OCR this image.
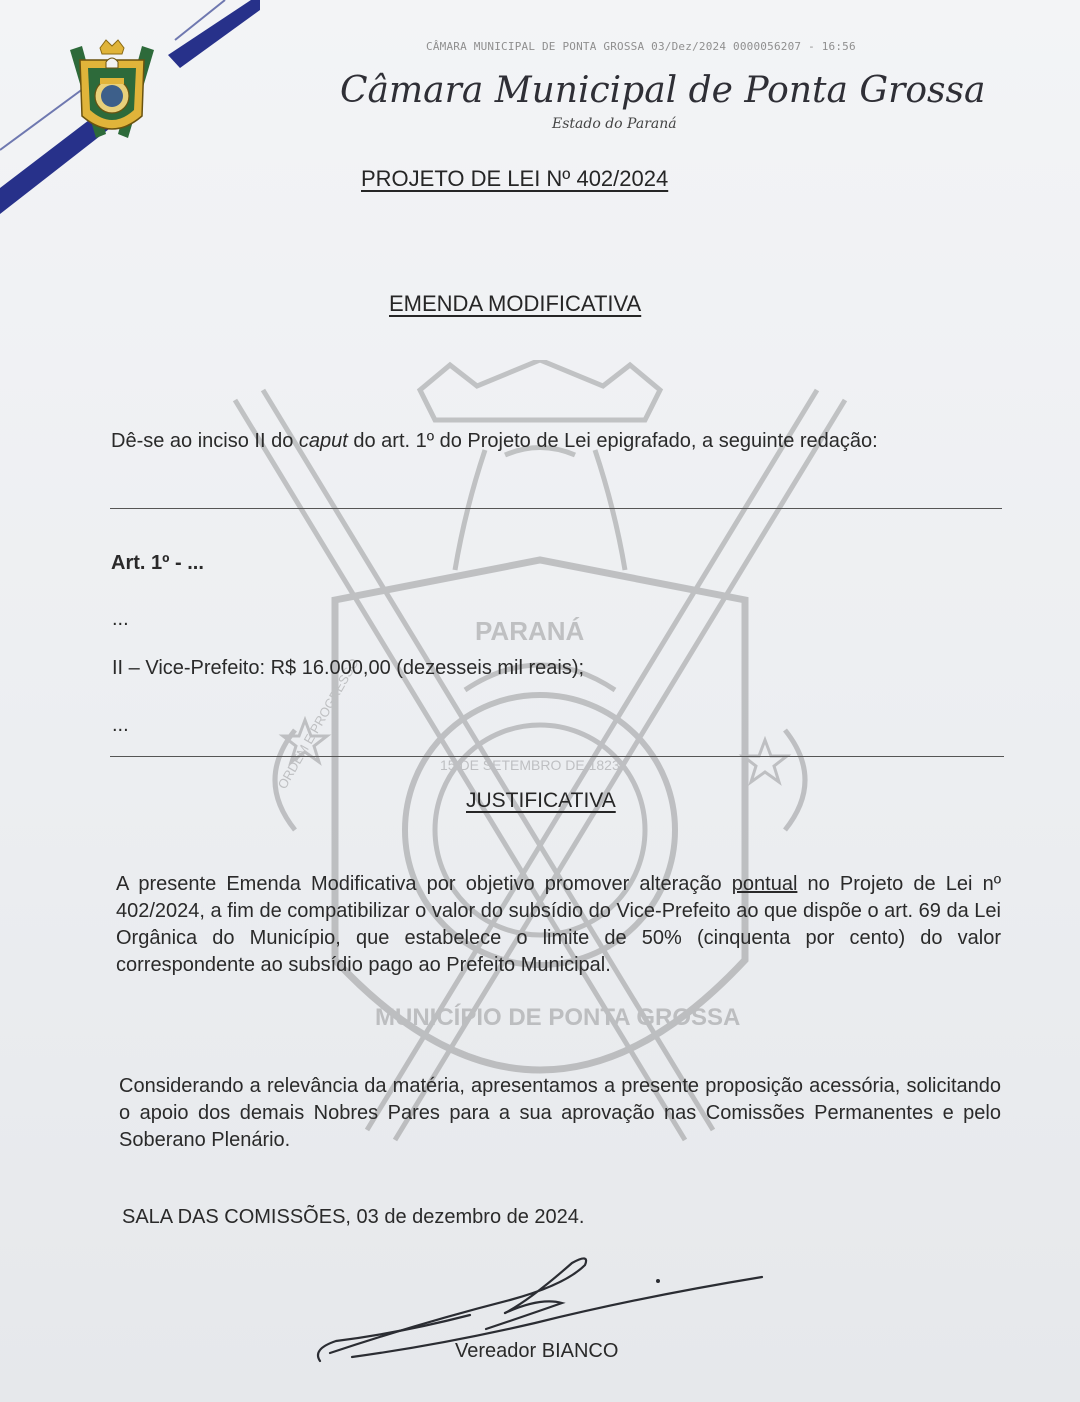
CÂMARA MUNICIPAL DE PONTA GROSSA 03/Dez/2024 0000056207 - 16:56
Câmara Municipal de Ponta Grossa
Estado do Paraná
PROJETO DE LEI Nº 402/2024
EMENDA MODIFICATIVA
PARANÁ
15 DE SETEMBRO DE 1823
ORDEM E PROGRESSO
MUNICÍPIO DE PONTA GROSSA
Dê-se ao inciso II do caput do art. 1º do Projeto de Lei epigrafado, a seguinte redação:
Art. 1º - ...
...
II – Vice-Prefeito: R$ 16.000,00 (dezesseis mil reais);
...
JUSTIFICATIVA
A presente Emenda Modificativa por objetivo promover alteração pontual no Projeto de Lei nº 402/2024, a fim de compatibilizar o valor do subsídio do Vice-Prefeito ao que dispõe o art. 69 da Lei Orgânica do Município, que estabelece o limite de 50% (cinquenta por cento) do valor correspondente ao subsídio pago ao Prefeito Municipal.
Considerando a relevância da matéria, apresentamos a presente proposição acessória, solicitando o apoio dos demais Nobres Pares para a sua aprovação nas Comissões Permanentes e pelo Soberano Plenário.
SALA DAS COMISSÕES, 03 de dezembro de 2024.
Vereador BIANCO
